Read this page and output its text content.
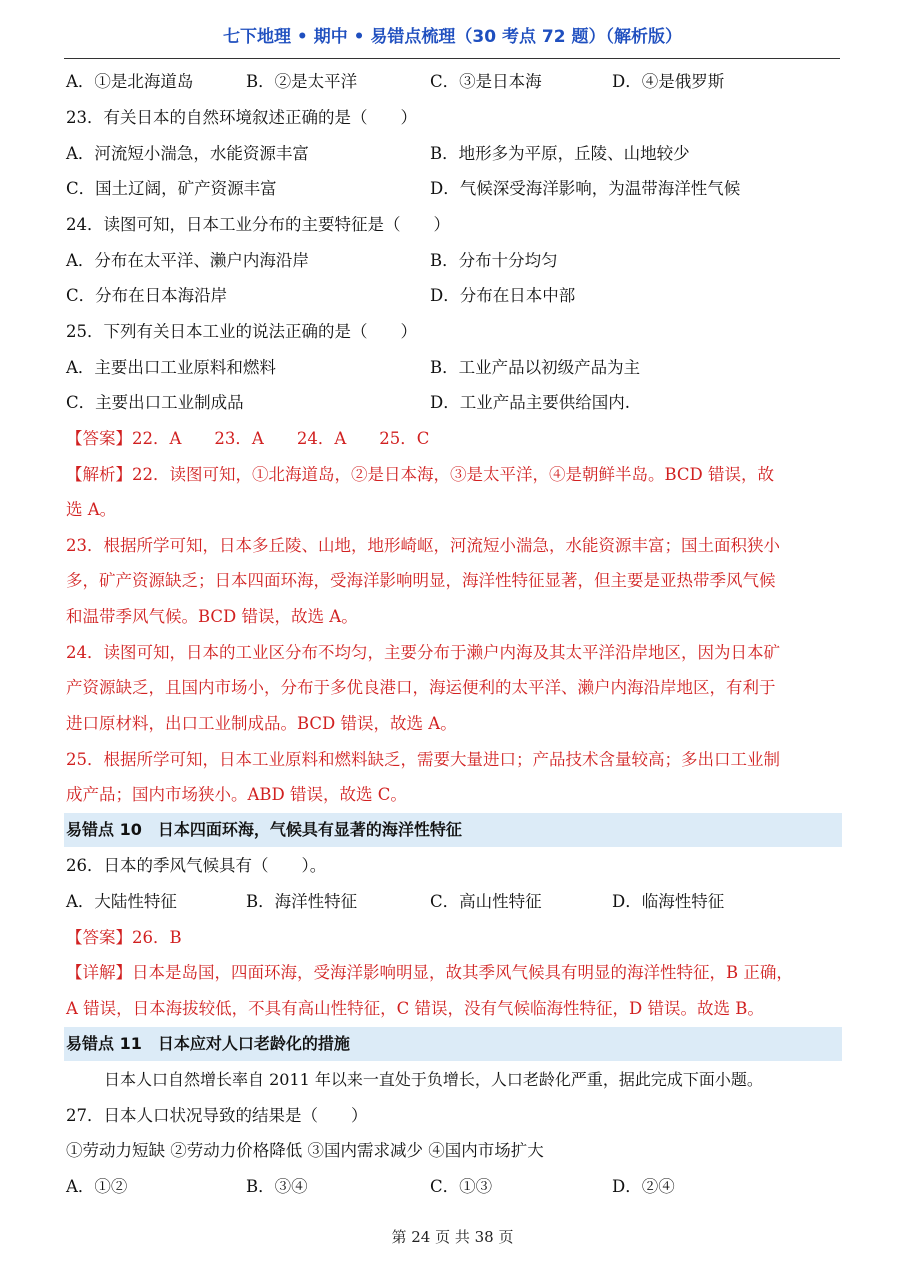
七下地理 • 期中 • 易错点梳理（30 考点 72 题）（解析版）
A．①是北海道岛	B．②是太平洋	C．③是日本海	D．④是俄罗斯
23．有关日本的自然环境叙述正确的是（　　）
A．河流短小湍急，水能资源丰富	B．地形多为平原，丘陵、山地较少
C．国土辽阔，矿产资源丰富	D．气候深受海洋影响，为温带海洋性气候
24．读图可知，日本工业分布的主要特征是（　　）
A．分布在太平洋、濑户内海沿岸	B．分布十分均匀
C．分布在日本海沿岸	D．分布在日本中部
25．下列有关日本工业的说法正确的是（　　）
A．主要出口工业原料和燃料	B．工业产品以初级产品为主
C．主要出口工业制成品	D．工业产品主要供给国内.
【答案】22．A　　23．A　　24．A　　25．C
【解析】22．读图可知，①北海道岛，②是日本海，③是太平洋，④是朝鲜半岛。BCD 错误，故
选 A。
23．根据所学可知，日本多丘陵、山地，地形崎岖，河流短小湍急，水能资源丰富；国土面积狭小
多，矿产资源缺乏；日本四面环海，受海洋影响明显，海洋性特征显著，但主要是亚热带季风气候
和温带季风气候。BCD 错误，故选 A。
24．读图可知，日本的工业区分布不均匀，主要分布于濑户内海及其太平洋沿岸地区，因为日本矿
产资源缺乏，且国内市场小，分布于多优良港口，海运便利的太平洋、濑户内海沿岸地区，有利于
进口原材料，出口工业制成品。BCD 错误，故选 A。
25．根据所学可知，日本工业原料和燃料缺乏，需要大量进口；产品技术含量较高；多出口工业制
成产品；国内市场狭小。ABD 错误，故选 C。
易错点 10　日本四面环海，气候具有显著的海洋性特征
26．日本的季风气候具有（　　）。
A．大陆性特征	B．海洋性特征	C．高山性特征	D．临海性特征
【答案】26．B
【详解】日本是岛国，四面环海，受海洋影响明显，故其季风气候具有明显的海洋性特征，B 正确，
A 错误，日本海拔较低，不具有高山性特征，C 错误，没有气候临海性特征，D 错误。故选 B。
易错点 11　日本应对人口老龄化的措施
日本人口自然增长率自 2011 年以来一直处于负增长，人口老龄化严重，据此完成下面小题。
27．日本人口状况导致的结果是（　　）
①劳动力短缺 ②劳动力价格降低 ③国内需求减少 ④国内市场扩大
A．①②	B．③④	C．①③	D．②④
第 24 页 共 38 页
